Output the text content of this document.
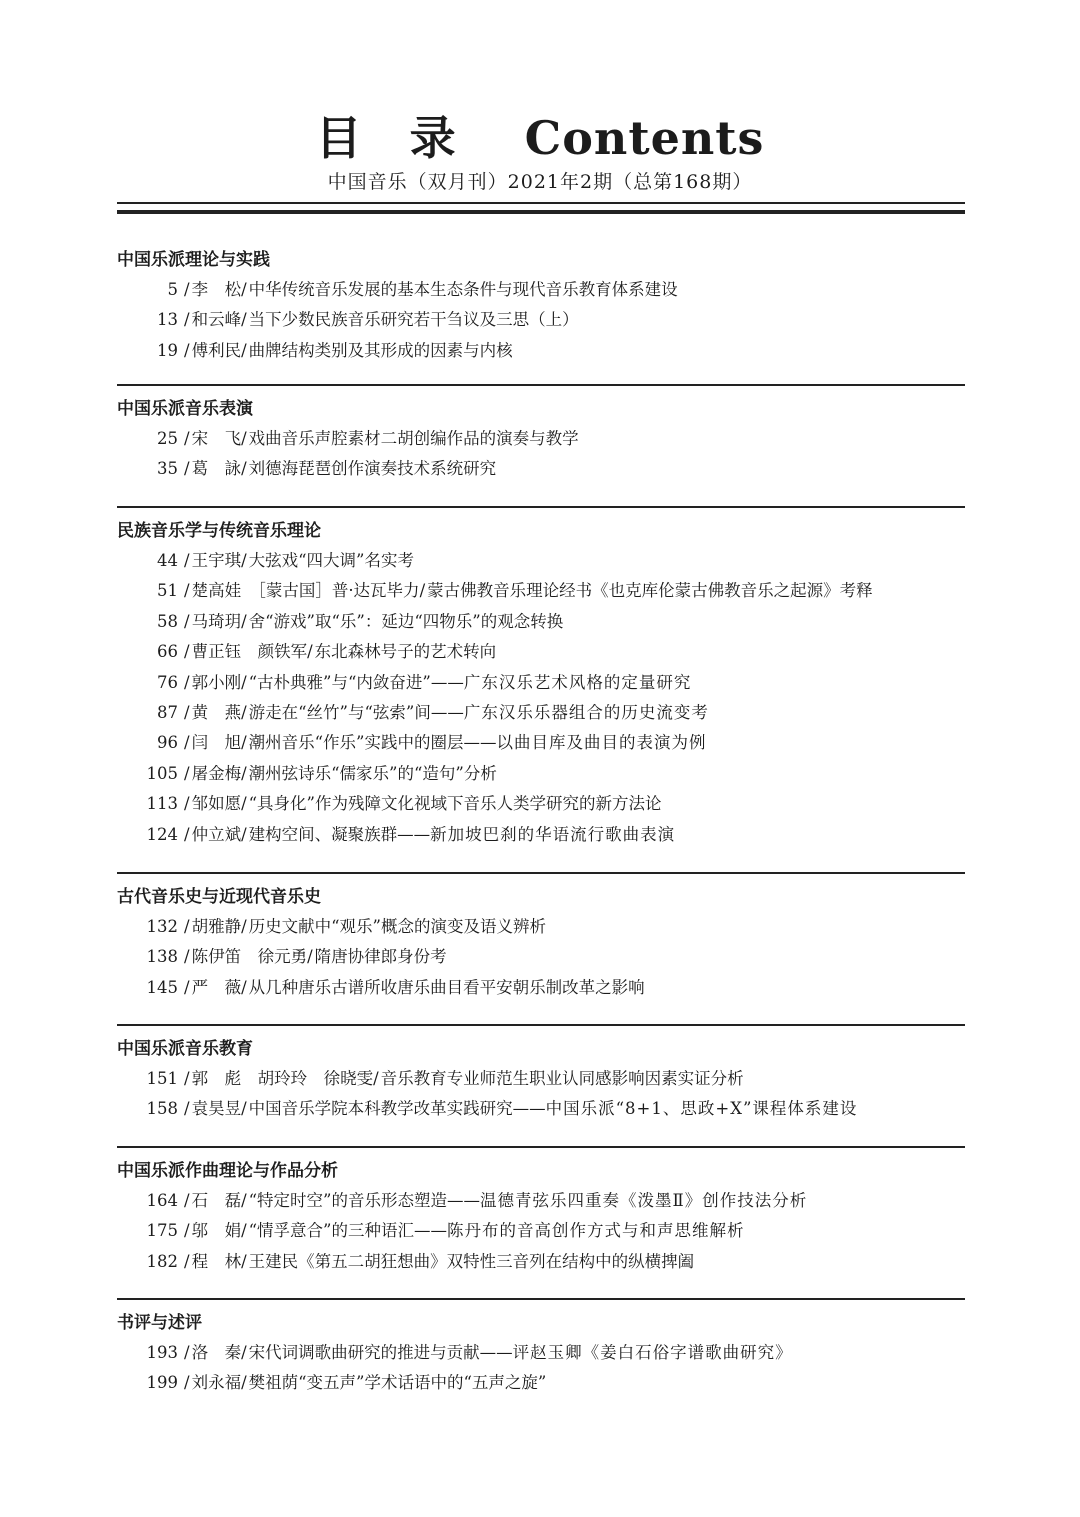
目录 Contents
中国音乐（双月刊）2021年2期（总第168期）
中国乐派理论与实践
5 / 李　松/ 中华传统音乐发展的基本生态条件与现代音乐教育体系建设
13 / 和云峰/ 当下少数民族音乐研究若干刍议及三思（上）
19 / 傅利民/ 曲牌结构类别及其形成的因素与内核
中国乐派音乐表演
25 / 宋　飞/ 戏曲音乐声腔素材二胡创编作品的演奏与教学
35 / 葛　詠/ 刘德海琵琶创作演奏技术系统研究
民族音乐学与传统音乐理论
44 / 王宇琪/ 大弦戏“四大调”名实考
51 / 楚高娃　［蒙古国］普·达瓦毕力/ 蒙古佛教音乐理论经书《也克库伦蒙古佛教音乐之起源》考释
58 / 马琦玥/ 舍“游戏”取“乐”：延边“四物乐”的观念转换
66 / 曹正钰　颜铁军/ 东北森林号子的艺术转向
76 / 郭小刚/ “古朴典雅”与“内敛奋进”——广东汉乐艺术风格的定量研究
87 / 黄　燕/ 游走在“丝竹”与“弦索”间——广东汉乐乐器组合的历史流变考
96 / 闫　旭/ 潮州音乐“作乐”实践中的圈层——以曲目库及曲目的表演为例
105 / 屠金梅/ 潮州弦诗乐“儒家乐”的“造句”分析
113 / 邹如愿/ “具身化”作为残障文化视域下音乐人类学研究的新方法论
124 / 仲立斌/ 建构空间、凝聚族群——新加坡巴刹的华语流行歌曲表演
古代音乐史与近现代音乐史
132 / 胡雅静/ 历史文献中“观乐”概念的演变及语义辨析
138 / 陈伊笛　徐元勇/ 隋唐协律郎身份考
145 / 严　薇/ 从几种唐乐古谱所收唐乐曲目看平安朝乐制改革之影响
中国乐派音乐教育
151 / 郭　彪　胡玲玲　徐晓雯/ 音乐教育专业师范生职业认同感影响因素实证分析
158 / 袁昊昱/ 中国音乐学院本科教学改革实践研究——中国乐派“8+1、思政+X”课程体系建设
中国乐派作曲理论与作品分析
164 / 石　磊/ “特定时空”的音乐形态塑造——温德青弦乐四重奏《泼墨Ⅱ》创作技法分析
175 / 邬　娟/ “情孚意合”的三种语汇——陈丹布的音高创作方式与和声思维解析
182 / 程　林/ 王建民《第五二胡狂想曲》双特性三音列在结构中的纵横捭阖
书评与述评
193 / 洛　秦/ 宋代词调歌曲研究的推进与贡献——评赵玉卿《姜白石俗字谱歌曲研究》
199 / 刘永福/ 樊祖荫“变五声”学术话语中的“五声之旋”
